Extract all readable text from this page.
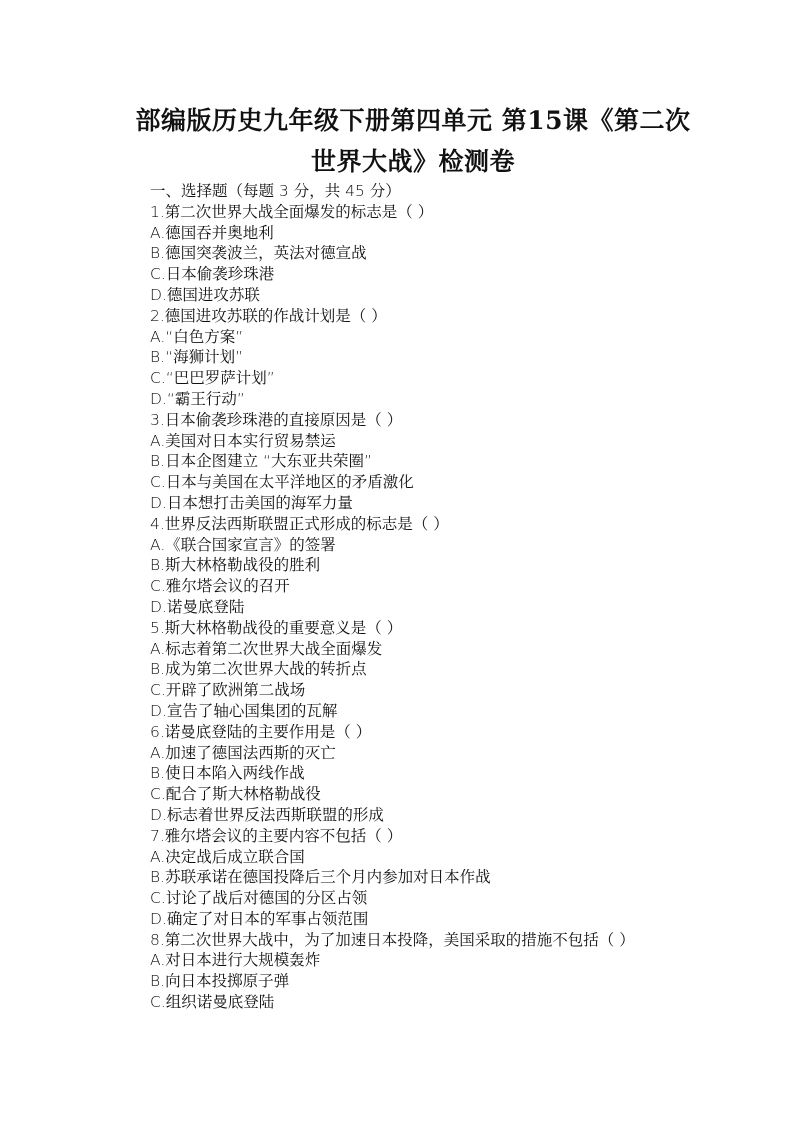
部编版历史九年级下册第四单元 第15课《第二次
世界大战》检测卷
一、选择题（每题 3 分，共 45 分）
1.第二次世界大战全面爆发的标志是（ ）
A.德国吞并奥地利
B.德国突袭波兰，英法对德宣战
C.日本偷袭珍珠港
D.德国进攻苏联
2.德国进攻苏联的作战计划是（ ）
A.“白色方案”
B.“海狮计划”
C.“巴巴罗萨计划”
D.“霸王行动”
3.日本偷袭珍珠港的直接原因是（ ）
A.美国对日本实行贸易禁运
B.日本企图建立 “大东亚共荣圈”
C.日本与美国在太平洋地区的矛盾激化
D.日本想打击美国的海军力量
4.世界反法西斯联盟正式形成的标志是（ ）
A.《联合国家宣言》的签署
B.斯大林格勒战役的胜利
C.雅尔塔会议的召开
D.诺曼底登陆
5.斯大林格勒战役的重要意义是（ ）
A.标志着第二次世界大战全面爆发
B.成为第二次世界大战的转折点
C.开辟了欧洲第二战场
D.宣告了轴心国集团的瓦解
6.诺曼底登陆的主要作用是（ ）
A.加速了德国法西斯的灭亡
B.使日本陷入两线作战
C.配合了斯大林格勒战役
D.标志着世界反法西斯联盟的形成
7.雅尔塔会议的主要内容不包括（ ）
A.决定战后成立联合国
B.苏联承诺在德国投降后三个月内参加对日本作战
C.讨论了战后对德国的分区占领
D.确定了对日本的军事占领范围
8.第二次世界大战中，为了加速日本投降，美国采取的措施不包括（ ）
A.对日本进行大规模轰炸
B.向日本投掷原子弹
C.组织诺曼底登陆
